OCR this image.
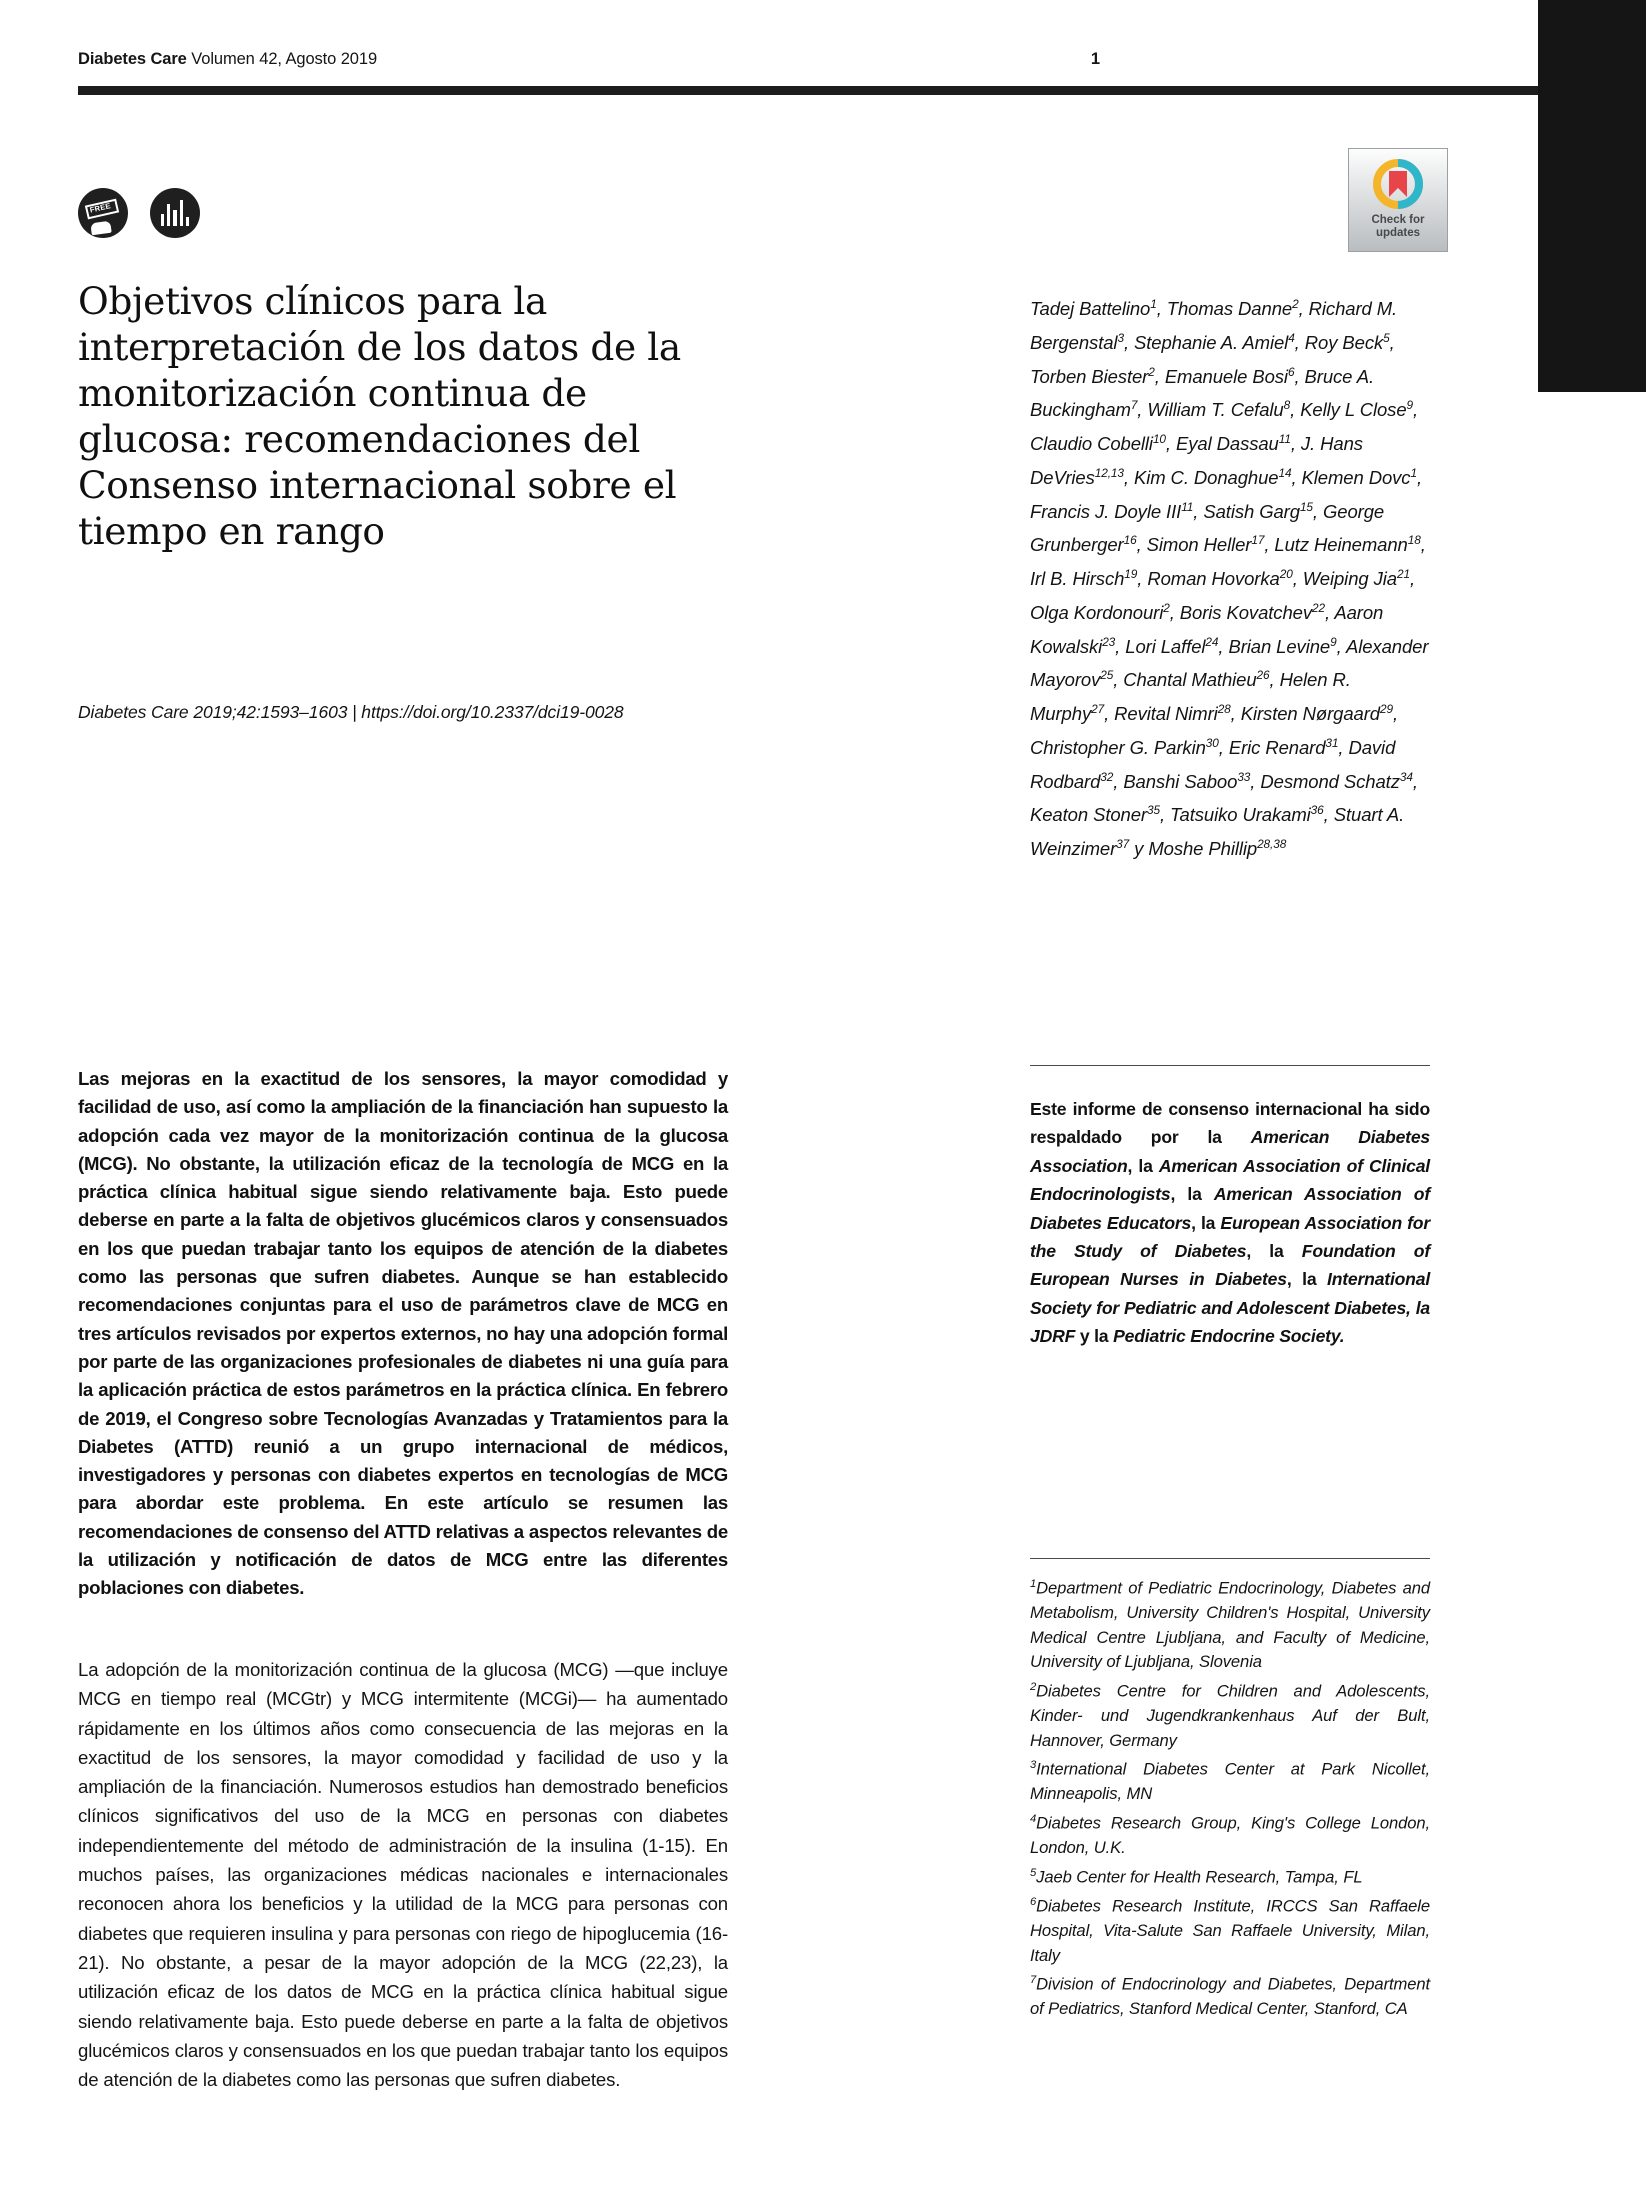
Diabetes Care Volumen 42, Agosto 2019	1
FREE
Check for
updates
Objetivos clínicos para la interpretación de los datos de la monitorización continua de glucosa: recomendaciones del Consenso internacional sobre el tiempo en rango
Diabetes Care 2019;42:1593–1603 | https://doi.org/10.2337/dci19-0028
Tadej Battelino$^1$, Thomas Danne$^2$, Richard M. Bergenstal$^3$, Stephanie A. Amiel$^4$, Roy Beck$^5$, Torben Biester$^2$, Emanuele Bosi$^6$, Bruce A. Buckingham$^7$, William T. Cefalu$^8$, Kelly L Close$^9$, Claudio Cobelli$^{10}$, Eyal Dassau$^{11}$, J. Hans DeVries$^{12,13}$, Kim C. Donaghue$^{14}$, Klemen Dovc$^1$, Francis J. Doyle III$^{11}$, Satish Garg$^{15}$, George Grunberger$^{16}$, Simon Heller$^{17}$, Lutz Heinemann$^{18}$, Irl B. Hirsch$^{19}$, Roman Hovorka$^{20}$, Weiping Jia$^{21}$, Olga Kordonouri$^2$, Boris Kovatchev$^{22}$, Aaron Kowalski$^{23}$, Lori Laffel$^{24}$, Brian Levine$^9$, Alexander Mayorov$^{25}$, Chantal Mathieu$^{26}$, Helen R. Murphy$^{27}$, Revital Nimri$^{28}$, Kirsten Nørgaard$^{29}$, Christopher G. Parkin$^{30}$, Eric Renard$^{31}$, David Rodbard$^{32}$, Banshi Saboo$^{33}$, Desmond Schatz$^{34}$, Keaton Stoner$^{35}$, Tatsuiko Urakami$^{36}$, Stuart A. Weinzimer$^{37}$ y Moshe Phillip$^{28,38}$

Las mejoras en la exactitud de los sensores, la mayor comodidad y facilidad de uso, así como la ampliación de la financiación han supuesto la adopción cada vez mayor de la monitorización continua de la glucosa (MCG). No obstante, la utilización eficaz de la tecnología de MCG en la práctica clínica habitual sigue siendo relativamente baja. Esto puede deberse en parte a la falta de objetivos glucémicos claros y consensuados en los que puedan trabajar tanto los equipos de atención de la diabetes como las personas que sufren diabetes. Aunque se han establecido recomendaciones conjuntas para el uso de parámetros clave de MCG en tres artículos revisados por expertos externos, no hay una adopción formal por parte de las organizaciones profesionales de diabetes ni una guía para la aplicación práctica de estos parámetros en la práctica clínica. En febrero de 2019, el Congreso sobre Tecnologías Avanzadas y Tratamientos para la Diabetes (ATTD) reunió a un grupo internacional de médicos, investigadores y personas con diabetes expertos en tecnologías de MCG para abordar este problema. En este artículo se resumen las recomendaciones de consenso del ATTD relativas a aspectos relevantes de la utilización y notificación de datos de MCG entre las diferentes poblaciones con diabetes.

La adopción de la monitorización continua de la glucosa (MCG) —que incluye MCG en tiempo real (MCGtr) y MCG intermitente (MCGi)— ha aumentado rápidamente en los últimos años como consecuencia de las mejoras en la exactitud de los sensores, la mayor comodidad y facilidad de uso y la ampliación de la financiación. Numerosos estudios han demostrado beneficios clínicos significativos del uso de la MCG en personas con diabetes independientemente del método de administración de la insulina (1-15). En muchos países, las organizaciones médicas nacionales e internacionales reconocen ahora los beneficios y la utilidad de la MCG para personas con diabetes que requieren insulina y para personas con riego de hipoglucemia (16-21). No obstante, a pesar de la mayor adopción de la MCG (22,23), la utilización eficaz de los datos de MCG en la práctica clínica habitual sigue siendo relativamente baja. Esto puede deberse en parte a la falta de objetivos glucémicos claros y consensuados en los que puedan trabajar tanto los equipos de atención de la diabetes como las personas que sufren diabetes.

Este informe de consenso internacional ha sido respaldado por la American Diabetes Association, la American Association of Clinical Endocrinologists, la American Association of Diabetes Educators, la European Association for the Study of Diabetes, la Foundation of European Nurses in Diabetes, la International Society for Pediatric and Adolescent Diabetes, la JDRF y la Pediatric Endocrine Society.

$^1$Department of Pediatric Endocrinology, Diabetes and Metabolism, University Children's Hospital, University Medical Centre Ljubljana, and Faculty of Medicine, University of Ljubljana, Slovenia
$^2$Diabetes Centre for Children and Adolescents, Kinder- und Jugendkrankenhaus Auf der Bult, Hannover, Germany
$^3$International Diabetes Center at Park Nicollet, Minneapolis, MN
$^4$Diabetes Research Group, King's College London, London, U.K.
$^5$Jaeb Center for Health Research, Tampa, FL
$^6$Diabetes Research Institute, IRCCS San Raffaele Hospital, Vita-Salute San Raffaele University, Milan, Italy
$^7$Division of Endocrinology and Diabetes, Department of Pediatrics, Stanford Medical Center, Stanford, CA
